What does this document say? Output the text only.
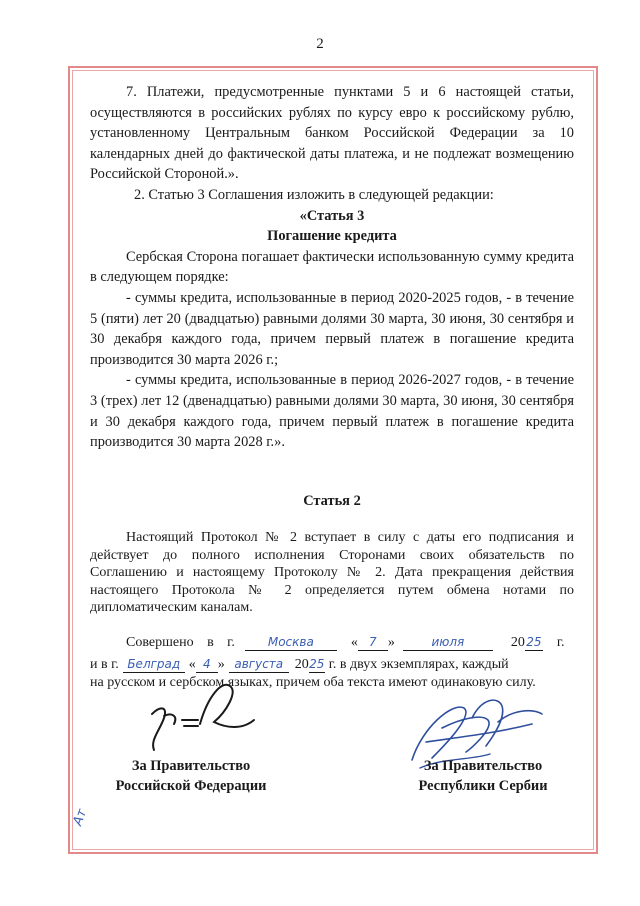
2

7. Платежи, предусмотренные пунктами 5 и 6 настоящей статьи, осуществляются в российских рублях по курсу евро к российскому рублю, установленному Центральным банком Российской Федерации за 10 календарных дней до фактической даты платежа, и не подлежат возмещению Российской Стороной.».

2. Статью 3 Соглашения изложить в следующей редакции:

«Статья 3

Погашение кредита

Сербская Сторона погашает фактически использованную сумму кредита в следующем порядке:

- суммы кредита, использованные в период 2020-2025 годов, - в течение 5 (пяти) лет 20 (двадцатью) равными долями 30 марта, 30 июня, 30 сентября и 30 декабря каждого года, причем первый платеж в погашение кредита производится 30 марта 2026 г.;

- суммы кредита, использованные в период 2026-2027 годов, - в течение 3 (трех) лет 12 (двенадцатью) равными долями 30 марта, 30 июня, 30 сентября и 30 декабря каждого года, причем первый платеж в погашение кредита производится 30 марта 2028 г.».

Статья 2

Настоящий Протокол № 2 вступает в силу с даты его подписания и действует до полного исполнения Сторонами своих обязательств по Соглашению и настоящему Протоколу № 2. Дата прекращения действия настоящего Протокола № 2 определяется путем обмена нотами по дипломатическим каналам.

Совершено в г.	Москва	« 7 »	июля	20 25 г.
и в г. Белград « 4 » августа 20 25 г. в двух экземплярах, каждый

на русском и сербском языках, причем оба текста имеют одинаковую силу.

За Правительство
Российской Федерации
За Правительство
Республики Сербии
Ат
